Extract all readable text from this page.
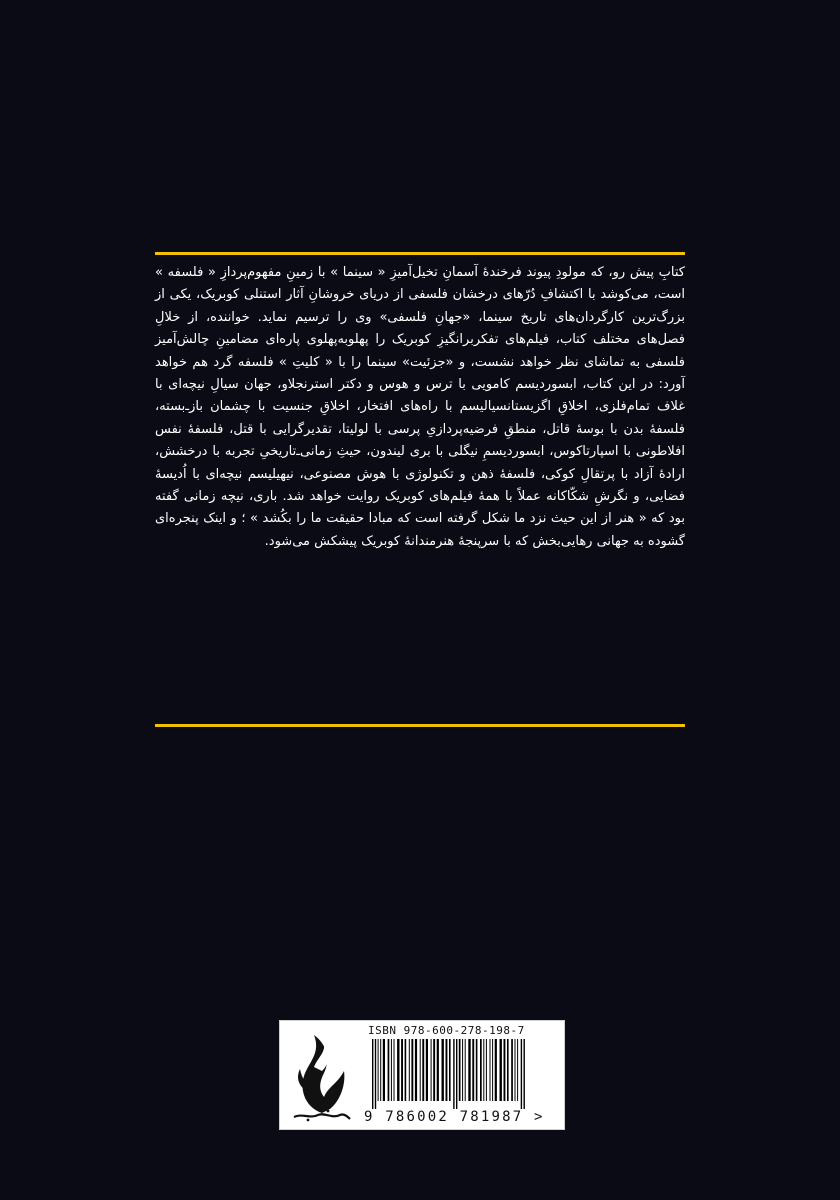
کتابِ پیش رو، که مولودِ پیوند فرخندهٔ آسمانِ تخیل‌آمیزِ « سینما » با زمینِ مفهوم‌پردازِ « فلسفه » است، می‌کوشد با اکتشافِ دُرّهای درخشان فلسفی از دریای خروشانِ آثار استنلی کوبریک، یکی از بزرگ‌ترین کارگردان‌های تاریخ سینما، «جهانِ فلسفی» وی را ترسیم نماید. خواننده، از خلالِ فصل‌های مختلف کتاب، فیلم‌های تفکربرانگیزِ کوبریک را پهلوبه‌پهلوی پاره‌ای مضامینِ چالش‌آمیز فلسفی به تماشای نظر خواهد نشست، و «جزئیت» سینما را با « کلیتِ » فلسفه گرد هم خواهد آورد: در این کتاب، ابسوردیسم کامویی با ترس و هوس و دکتر استرنجلاو، جهان سیالِ نیچه‌ای با غلاف تمام‌فلزی، اخلاقِ اگزیستانسیالیسم با راه‌های افتخار، اخلاقِ جنسیت با چشمان باز‌ـ‌بسته، فلسفهٔ بدن با بوسهٔ قاتل، منطقِ فرضیه‌پردازیِ پرسی با لولیتا، تقدیرگرایی با قتل، فلسفهٔ نفس افلاطونی با اسپارتاکوس، ابسوردیسمِ نیگلی با بری لیندون، حیثِ زمانی‌ـ‌تاریخیِ تجربه با درخشش، ارادهٔ آزاد با پرتقالِ کوکی، فلسفهٔ ذهن و تکنولوژی با هوش مصنوعی، نیهیلیسم نیچه‌ای با اُدیسهٔ فضایی، و نگرشِ شکّاکانه عملاً با همهٔ فیلم‌های کوبریک روایت خواهد شد. باری، نیچه زمانی گفته بود که « هنر از این حیث نزد ما شکل گرفته است که مبادا حقیقت ما را بکُشد » ؛ و اینک پنجره‌ای گشوده به جهانی رهایی‌بخش که با سرپنجهٔ هنرمندانهٔ کوبریک پیشکش می‌شود.
ISBN 978-600-278-198-7
9 786002 781987 >
